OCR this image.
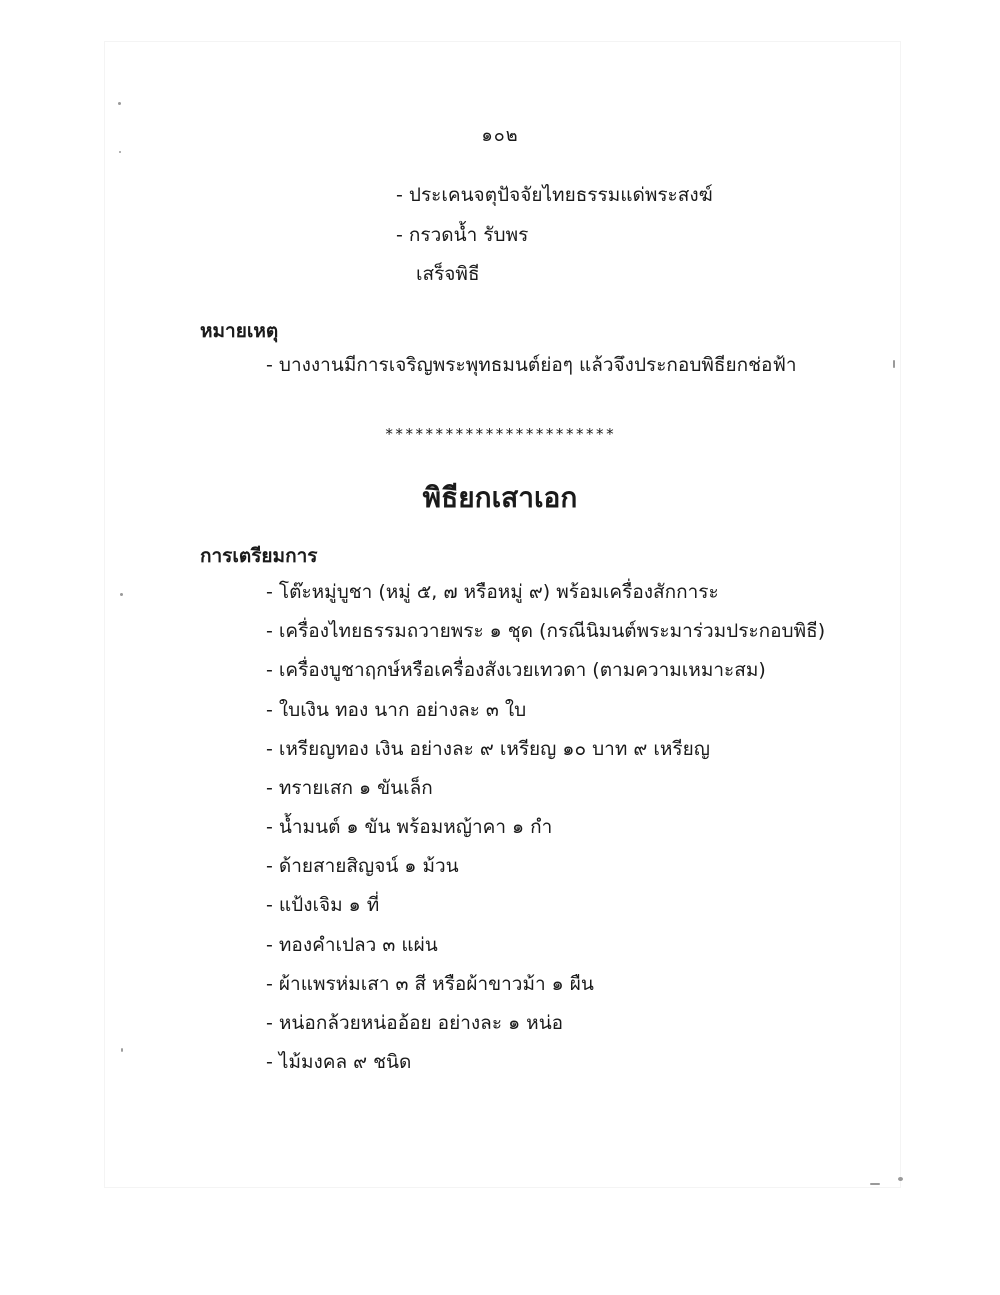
๑๐๒
- ประเคนจตุปัจจัยไทยธรรมแด่พระสงฆ์
- กรวดน้ำ รับพร
เสร็จพิธี
หมายเหตุ
- บางงานมีการเจริญพระพุทธมนต์ย่อๆ แล้วจึงประกอบพิธียกช่อฟ้า
***********************
พิธียกเสาเอก
การเตรียมการ
- โต๊ะหมู่บูชา (หมู่ ๕, ๗ หรือหมู่ ๙) พร้อมเครื่องสักการะ
- เครื่องไทยธรรมถวายพระ ๑ ชุด (กรณีนิมนต์พระมาร่วมประกอบพิธี)
- เครื่องบูชาฤกษ์หรือเครื่องสังเวยเทวดา (ตามความเหมาะสม)
- ใบเงิน ทอง นาก อย่างละ ๓ ใบ
- เหรียญทอง เงิน อย่างละ ๙ เหรียญ ๑๐ บาท ๙ เหรียญ
- ทรายเสก ๑ ขันเล็ก
- น้ำมนต์ ๑ ขัน พร้อมหญ้าคา ๑ กำ
- ด้ายสายสิญจน์ ๑ ม้วน
- แป้งเจิม ๑ ที่
- ทองคำเปลว ๓ แผ่น
- ผ้าแพรห่มเสา ๓ สี หรือผ้าขาวม้า ๑ ผืน
- หน่อกล้วยหน่ออ้อย อย่างละ ๑ หน่อ
- ไม้มงคล ๙ ชนิด
